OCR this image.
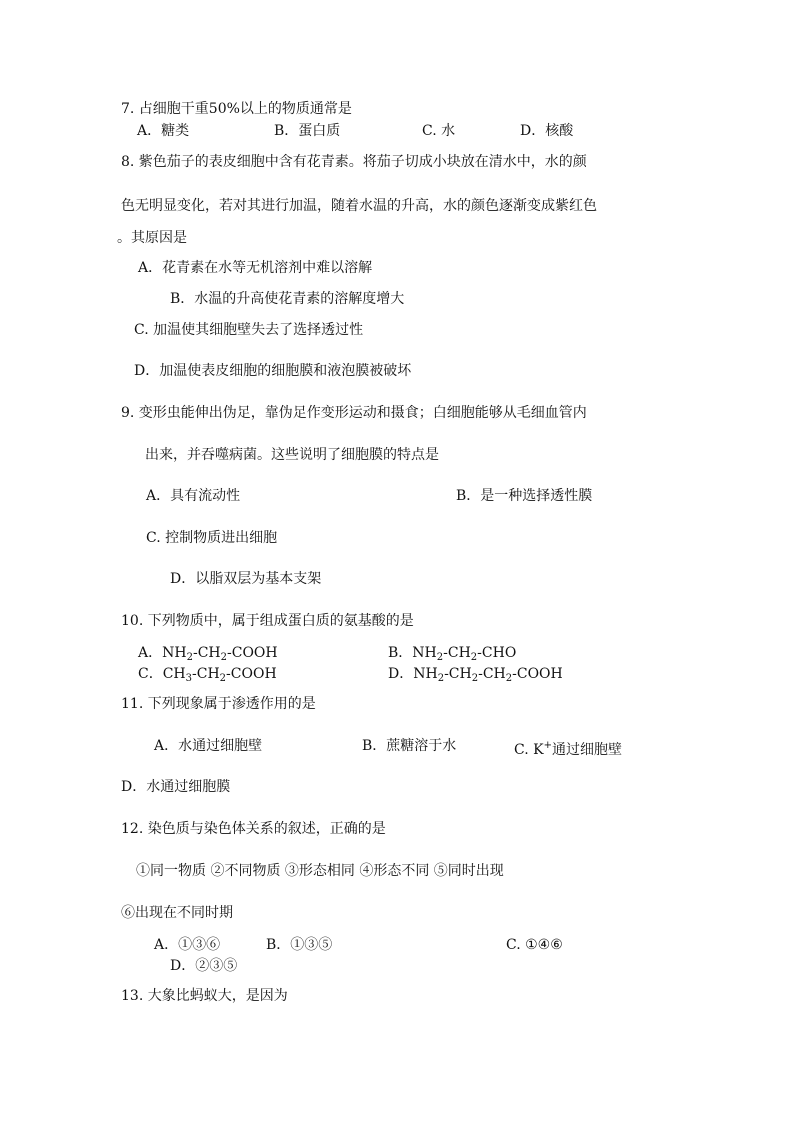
7. 占细胞干重50%以上的物质通常是
A．糖类	B．蛋白质	C. 水	D．核酸
8. 紫色茄子的表皮细胞中含有花青素。将茄子切成小块放在清水中，水的颜
色无明显变化，若对其进行加温，随着水温的升高，水的颜色逐渐变成紫红色
。其原因是
A．花青素在水等无机溶剂中难以溶解
B．水温的升高使花青素的溶解度增大
C. 加温使其细胞壁失去了选择透过性
D．加温使表皮细胞的细胞膜和液泡膜被破坏
9. 变形虫能伸出伪足，靠伪足作变形运动和摄食；白细胞能够从毛细血管内
出来，并吞噬病菌。这些说明了细胞膜的特点是
A．具有流动性	B．是一种选择透性膜
C. 控制物质进出细胞
D．以脂双层为基本支架
10. 下列物质中，属于组成蛋白质的氨基酸的是
A．$NH_2-CH_2$-COOH	B．$NH_2-CH_2$-CHO
C．$CH_3-CH_2$-COOH	D．$NH_2-CH_2-CH_2$-COOH
11. 下列现象属于渗透作用的是
A．水通过细胞壁	B．蔗糖溶于水	C. K+通过细胞壁
D．水通过细胞膜
12. 染色质与染色体关系的叙述，正确的是
①同一物质 ②不同物质 ③形态相同 ④形态不同 ⑤同时出现
⑥出现在不同时期
A．①③⑥	B．①③⑤	C. ①④⑥
D．②③⑤
13. 大象比蚂蚁大，是因为
